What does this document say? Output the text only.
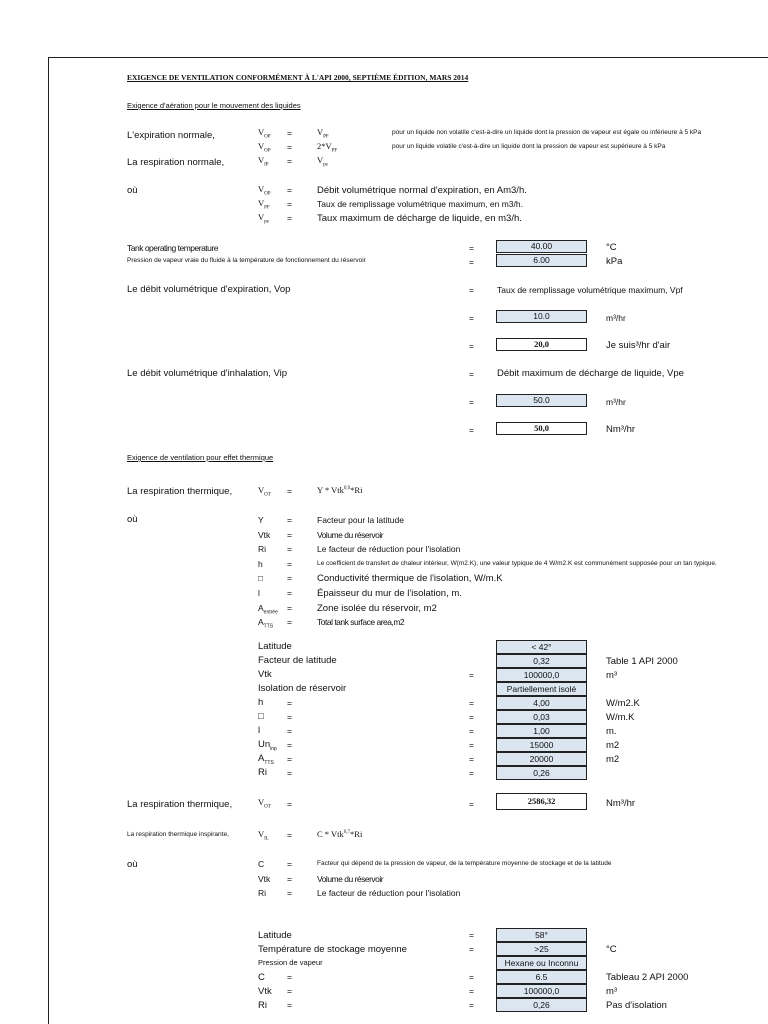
EXIGENCE DE VENTILATION CONFORMÉMENT À L'API 2000, SEPTIÈME ÉDITION, MARS 2014
Exigence d'aération pour le mouvement des liquides
L'expiration normale,	$V_{OP}$ =	$V_{PF}$
pour un liquide non volatile c'est-à-dire un liquide dont la pression de vapeur est égale ou inférieure à 5 kPa
$V_{OP}$ =	$2*V_{PF}$
pour un liquide volatile c'est-à-dire un liquide dont la pression de vapeur est supérieure à 5 kPa
La respiration normale,	$V_{IP}$ =	$V_{pe}$
où	$V_{OP}$ =	Débit volumétrique normal d'expiration, en Am3/h.
$V_{PF}$ =	Taux de remplissage volumétrique maximum, en m3/h.
$V_{pe}$ =	Taux maximum de décharge de liquide, en m3/h.
Tank operating temperature	=	40.00	°C
Pression de vapeur vraie du fluide à la température de fonctionnement du réservoir	=	6.00	kPa
Le débit volumétrique d'expiration, Vop	=	Taux de remplissage volumétrique maximum, Vpf
=	10.0	m³/hr
=	20,0	Je suis³/hr d'air
Le débit volumétrique d'inhalation, Vip	= Débit maximum de décharge de liquide, Vpe
=	50.0	m³/hr
=	50,0	Nm³/hr
Exigence de ventilation pour effet thermique
La respiration thermique,	$V_{OT}$ =	Y * Vtk$^{0,9}$*Ri
où	Y	=	Facteur pour la latitude
Vtk =	Volume du réservoir
Ri =	Le facteur de réduction pour l'isolation
h	=	Le coefficient de transfert de chaleur intérieur, W(m2.K), une valeur typique de 4 W/m2.K est communément supposée pour un tan typique.
□	=	Conductivité thermique de l'isolation, W/m.K
l	=	Épaisseur du mur de l'isolation, m.
$A_{entrée}$ =	Zone isolée du réservoir, m2
$A_{TTS}$ =	Total tank surface area,m2
Latitude	< 42°
Facteur de latitude	0,32	Table 1 API 2000
Vtk	=	100000,0	m³
Isolation de réservoir	Partiellement isolé
h	=	=	4,00	W/m2.K
□	=	=	0,03	W/m.K
l	=	=	1,00	m.
$Un_{inp}$ =	=	15000	m2
$A_{TTS}$ =	=	20000	m2
Ri =	=	0,26
La respiration thermique,	$V_{OT}$ =	=	2586,32	Nm³/hr
La respiration thermique inspirante,	$V_{IL}$ =	C * Vtk$^{0,7}$*Ri
où	C	=	Facteur qui dépend de la pression de vapeur, de la température moyenne de stockage et de la latitude
Vtk =	Volume du réservoir
Ri =	Le facteur de réduction pour l'isolation
Latitude	=	58°
Température de stockage moyenne	=	>25	°C
Pression de vapeur	Hexane ou Inconnu
C	=	=	6.5	Tableau 2 API 2000
Vtk =	=	100000,0	m³
Ri =	=	0,26	Pas d'isolation
